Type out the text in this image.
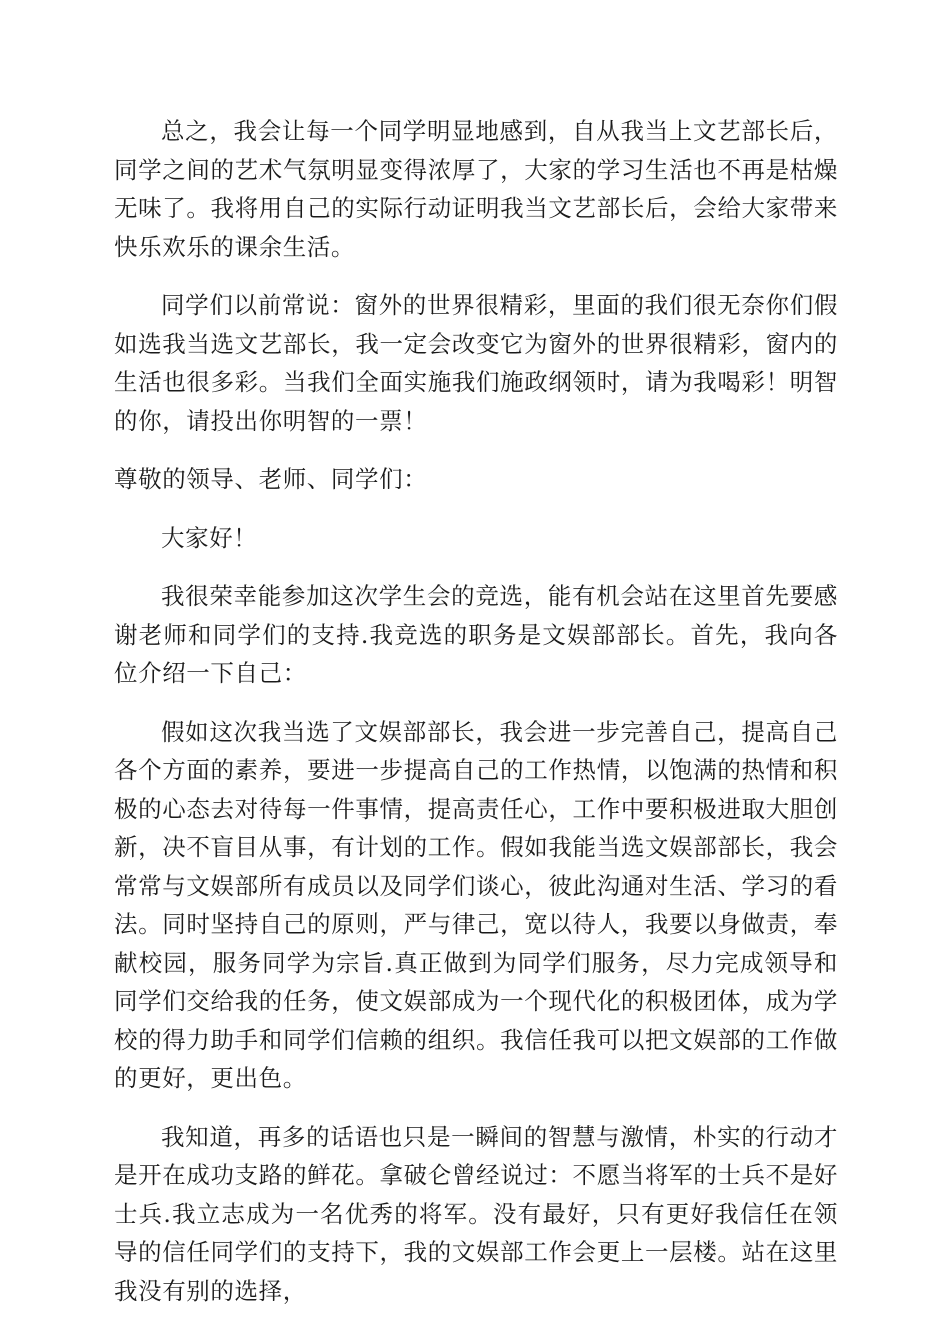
总之，我会让每一个同学明显地感到，自从我当上文艺部长后，同学之间的艺术气氛明显变得浓厚了，大家的学习生活也不再是枯燥无味了。我将用自己的实际行动证明我当文艺部长后，会给大家带来快乐欢乐的课余生活。

同学们以前常说：窗外的世界很精彩，里面的我们很无奈你们假如选我当选文艺部长，我一定会改变它为窗外的世界很精彩，窗内的生活也很多彩。当我们全面实施我们施政纲领时，请为我喝彩！明智的你，请投出你明智的一票！

尊敬的领导、老师、同学们：

大家好！

我很荣幸能参加这次学生会的竞选，能有机会站在这里首先要感谢老师和同学们的支持.我竞选的职务是文娱部部长。首先，我向各位介绍一下自己：

假如这次我当选了文娱部部长，我会进一步完善自己，提高自己各个方面的素养，要进一步提高自己的工作热情，以饱满的热情和积极的心态去对待每一件事情，提高责任心，工作中要积极进取大胆创新，决不盲目从事，有计划的工作。假如我能当选文娱部部长，我会常常与文娱部所有成员以及同学们谈心，彼此沟通对生活、学习的看法。同时坚持自己的原则，严与律己，宽以待人，我要以身做责，奉献校园，服务同学为宗旨.真正做到为同学们服务，尽力完成领导和同学们交给我的任务，使文娱部成为一个现代化的积极团体，成为学校的得力助手和同学们信赖的组织。我信任我可以把文娱部的工作做的更好，更出色。

我知道，再多的话语也只是一瞬间的智慧与激情，朴实的行动才是开在成功支路的鲜花。拿破仑曾经说过：不愿当将军的士兵不是好士兵.我立志成为一名优秀的将军。没有最好，只有更好我信任在领导的信任同学们的支持下，我的文娱部工作会更上一层楼。站在这里我没有别的选择，
